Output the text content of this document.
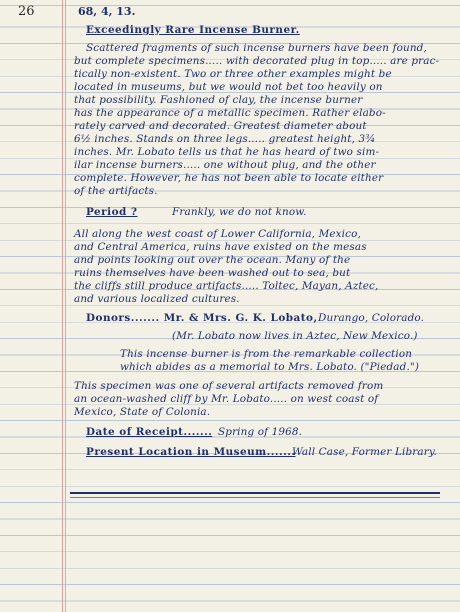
26	68, 4, 13.
Exceedingly Rare Incense Burner.
Scattered fragments of such incense burners have been found,
but complete specimens..... with decorated plug in top..... are prac-
tically non-existent. Two or three other examples might be
located in museums, but we would not bet too heavily on
that possibility. Fashioned of clay, the incense burner
has the appearance of a metallic specimen. Rather elabo-
rately carved and decorated. Greatest diameter about
6½ inches. Stands on three legs..... greatest height, 3¾
inches. Mr. Lobato tells us that he has heard of two sim-
ilar incense burners..... one without plug, and the other
complete. However, he has not been able to locate either
of the artifacts.
Period ?	Frankly, we do not know.
All along the west coast of Lower California, Mexico,
and Central America, ruins have existed on the mesas
and points looking out over the ocean. Many of the
ruins themselves have been washed out to sea, but
the cliffs still produce artifacts..... Toltec, Mayan, Aztec,
and various localized cultures.
Donors....... Mr. & Mrs. G. K. Lobato, Durango, Colorado.
(Mr. Lobato now lives in Aztec, New Mexico.)
This incense burner is from the remarkable collection
which abides as a memorial to Mrs. Lobato. ("Piedad.")
This specimen was one of several artifacts removed from
an ocean-washed cliff by Mr. Lobato..... on west coast of
Mexico, State of Colonia.
Date of Receipt....... Spring of 1968.
Present Location in Museum.......
Wall Case, Former Library.
